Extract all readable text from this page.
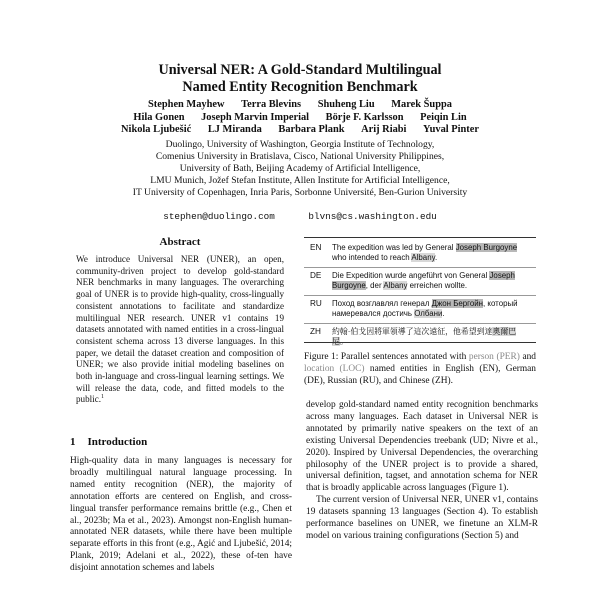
Universal NER: A Gold-Standard Multilingual
Named Entity Recognition Benchmark
Stephen Mayhew Terra Blevins Shuheng Liu Marek Šuppa
Hila Gonen Joseph Marvin Imperial Börje F. Karlsson Peiqin Lin
Nikola Ljubešić LJ Miranda Barbara Plank Arij Riabi Yuval Pinter
Duolingo, University of Washington, Georgia Institute of Technology,
Comenius University in Bratislava, Cisco, National University Philippines,
University of Bath, Beijing Academy of Artificial Intelligence,
LMU Munich, Jožef Stefan Institute, Allen Institute for Artificial Intelligence,
IT University of Copenhagen, Inria Paris, Sorbonne Université, Ben-Gurion University
stephen@duolingo.com	blvns@cs.washington.edu
Abstract
We introduce Universal NER (UNER), an open, community-driven project to develop gold-standard NER benchmarks in many languages. The overarching goal of UNER is to provide high-quality, cross-lingually consistent annotations to facilitate and standardize multilingual NER research. UNER v1 contains 19 datasets annotated with named entities in a cross-lingual consistent schema across 13 diverse languages. In this paper, we detail the dataset creation and composition of UNER; we also provide initial modeling baselines on both in-language and cross-lingual learning settings. We will release the data, code, and fitted models to the public.$^1$
1 Introduction
High-quality data in many languages is necessary for broadly multilingual natural language processing. In named entity recognition (NER), the majority of annotation efforts are centered on English, and cross-lingual transfer performance remains brittle (e.g., Chen et al., 2023b; Ma et al., 2023). Amongst non-English human-annotated NER datasets, while there have been multiple separate efforts in this front (e.g., Agić and Ljubešić, 2014; Plank, 2019; Adelani et al., 2022), these of-ten have disjoint annotation schemes and labels
EN The expedition was led by General Joseph Burgoyne who intended to reach Albany.
DE Die Expedition wurde angeführt von General Joseph Burgoyne, der Albany erreichen wollte.
RU Поход возглавлял генерал Джон Бергойн, который намеревался достичь Олбани.
ZH 約翰·伯戈因將軍領導了這次遠征，他希望到達奧爾巴尼。
Figure 1: Parallel sentences annotated with person (PER) and location (LOC) named entities in English (EN), German (DE), Russian (RU), and Chinese (ZH).
develop gold-standard named entity recognition benchmarks across many languages. Each dataset in Universal NER is annotated by primarily native speakers on the text of an existing Universal Dependencies treebank (UD; Nivre et al., 2020). Inspired by Universal Dependencies, the overarching philosophy of the UNER project is to provide a shared, universal definition, tagset, and annotation schema for NER that is broadly applicable across languages (Figure 1).
The current version of Universal NER, UNER v1, contains 19 datasets spanning 13 languages (Section 4). To establish performance baselines on UNER, we finetune an XLM-R model on various training configurations (Section 5) and
